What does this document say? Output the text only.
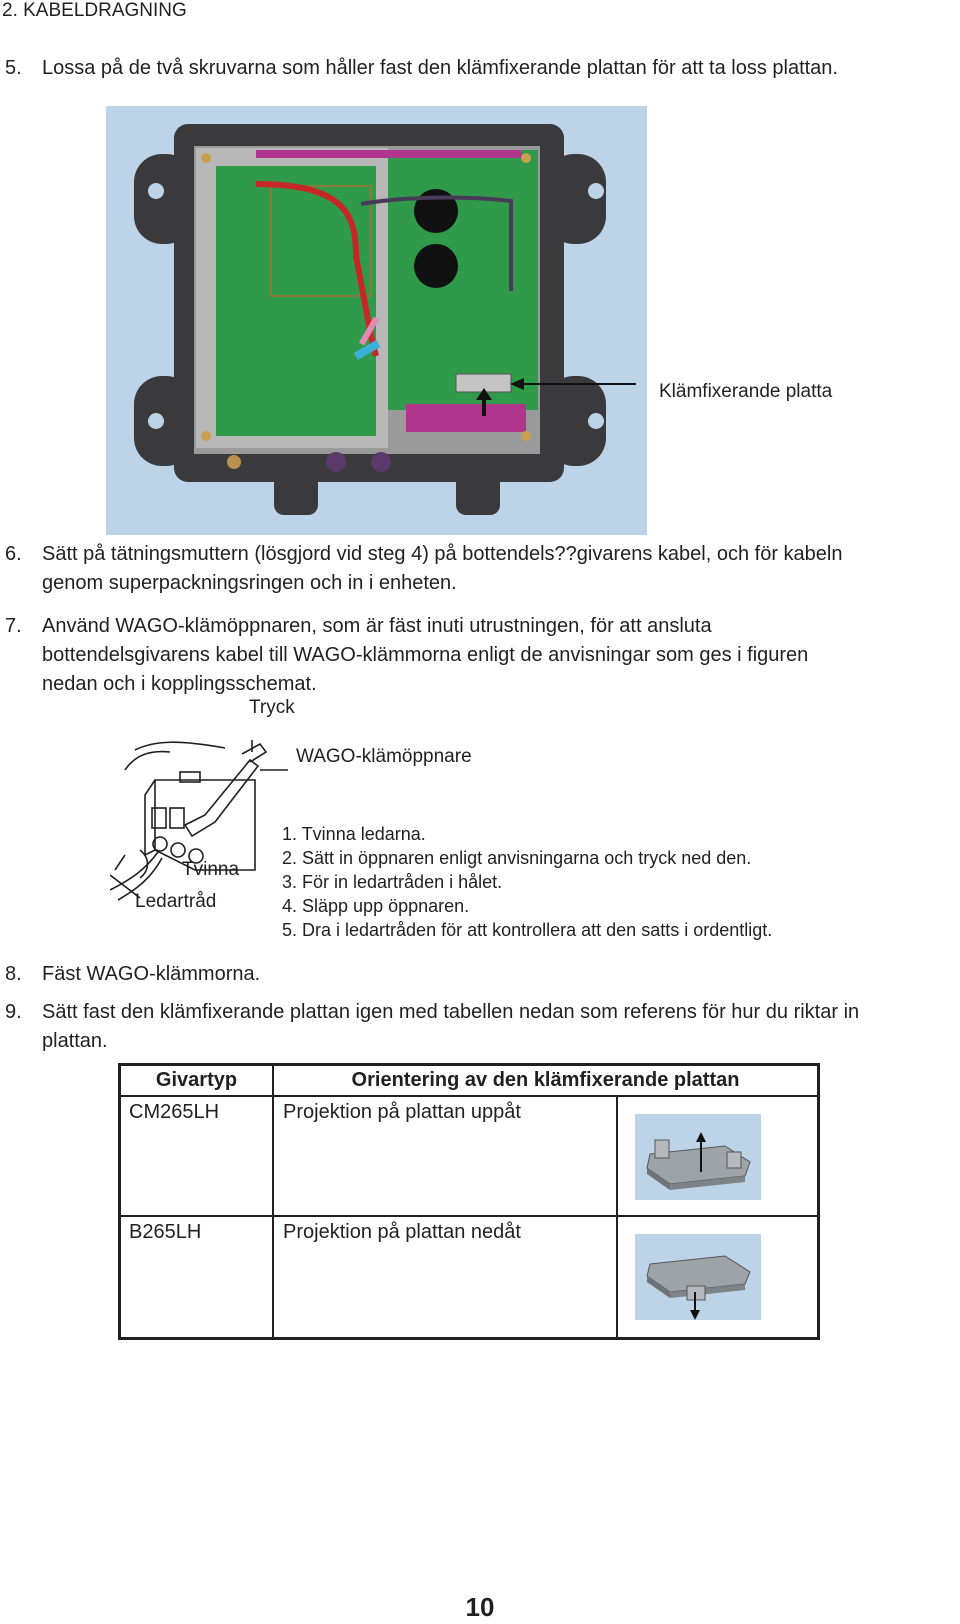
2. KABELDRAGNING
5. Lossa på de två skruvarna som håller fast den klämfixerande plattan för att ta loss plattan.
Klämfixerande platta
6. Sätt på tätningsmuttern (lösgjord vid steg 4) på bottendels??givarens kabel, och för kabeln
genom superpackningsringen och in i enheten.
7. Använd WAGO-klämöppnaren, som är fäst inuti utrustningen, för att ansluta
bottendelsgivarens kabel till WAGO-klämmorna enligt de anvisningar som ges i figuren
nedan och i kopplingsschemat.
Tryck
WAGO-klämöppnare
Tvinna
Ledartråd
1. Tvinna ledarna.
2. Sätt in öppnaren enligt anvisningarna och tryck ned den.
3. För in ledartråden i hålet.
4. Släpp upp öppnaren.
5. Dra i ledartråden för att kontrollera att den satts i ordentligt.
8. Fäst WAGO-klämmorna.
9. Sätt fast den klämfixerande plattan igen med tabellen nedan som referens för hur du riktar in
plattan.
Givartyp	Orientering av den klämfixerande plattan
CM265LH	Projektion på plattan uppåt
B265LH	Projektion på plattan nedåt
10
